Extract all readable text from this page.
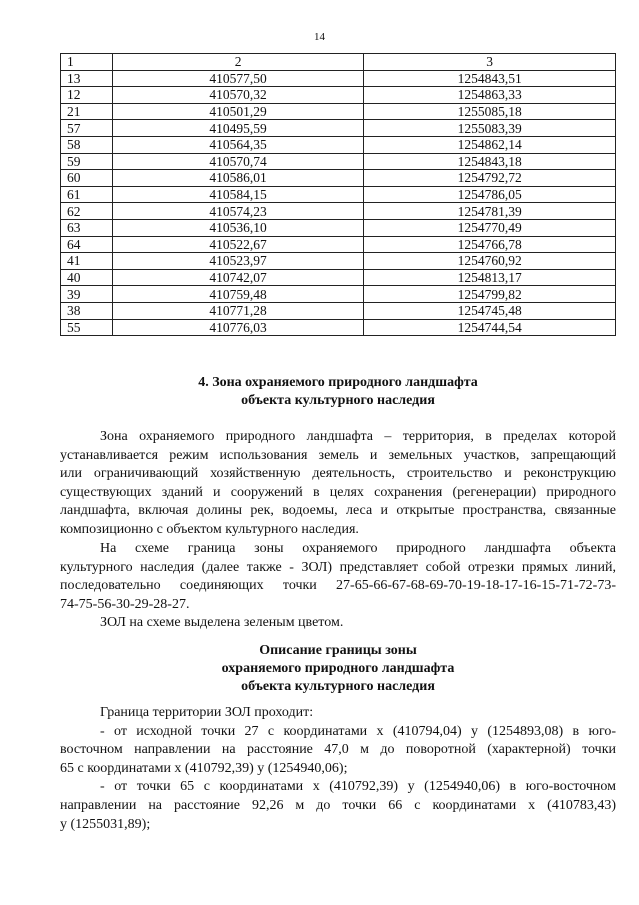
14
1	2	3
13	410577,50	1254843,51
12	410570,32	1254863,33
21	410501,29	1255085,18
57	410495,59	1255083,39
58	410564,35	1254862,14
59	410570,74	1254843,18
60	410586,01	1254792,72
61	410584,15	1254786,05
62	410574,23	1254781,39
63	410536,10	1254770,49
64	410522,67	1254766,78
41	410523,97	1254760,92
40	410742,07	1254813,17
39	410759,48	1254799,82
38	410771,28	1254745,48
55	410776,03	1254744,54
4. Зона охраняемого природного ландшафта
объекта культурного наследия
Зона охраняемого природного ландшафта – территория, в пределах которой
устанавливается режим использования земель и земельных участков, запрещающий
или ограничивающий хозяйственную деятельность, строительство и реконструкцию
существующих зданий и сооружений в целях сохранения (регенерации) природного
ландшафта, включая долины рек, водоемы, леса и открытые пространства, связанные
композиционно с объектом культурного наследия.
На схеме граница зоны охраняемого природного ландшафта объекта
культурного наследия (далее также - ЗОЛ) представляет собой отрезки прямых линий,
последовательно соединяющих точки 27-65-66-67-68-69-70-19-18-17-16-15-71-72-73-
74-75-56-30-29-28-27.
ЗОЛ на схеме выделена зеленым цветом.
Описание границы зоны
охраняемого природного ландшафта
объекта культурного наследия
Граница территории ЗОЛ проходит:
- от исходной точки 27 с координатами х (410794,04) у (1254893,08) в юго-
восточном направлении на расстояние 47,0 м до поворотной (характерной) точки
65 с координатами х (410792,39) у (1254940,06);
- от точки 65 с координатами х (410792,39) у (1254940,06) в юго-восточном
направлении на расстояние 92,26 м до точки 66 с координатами х (410783,43)
у (1255031,89);
